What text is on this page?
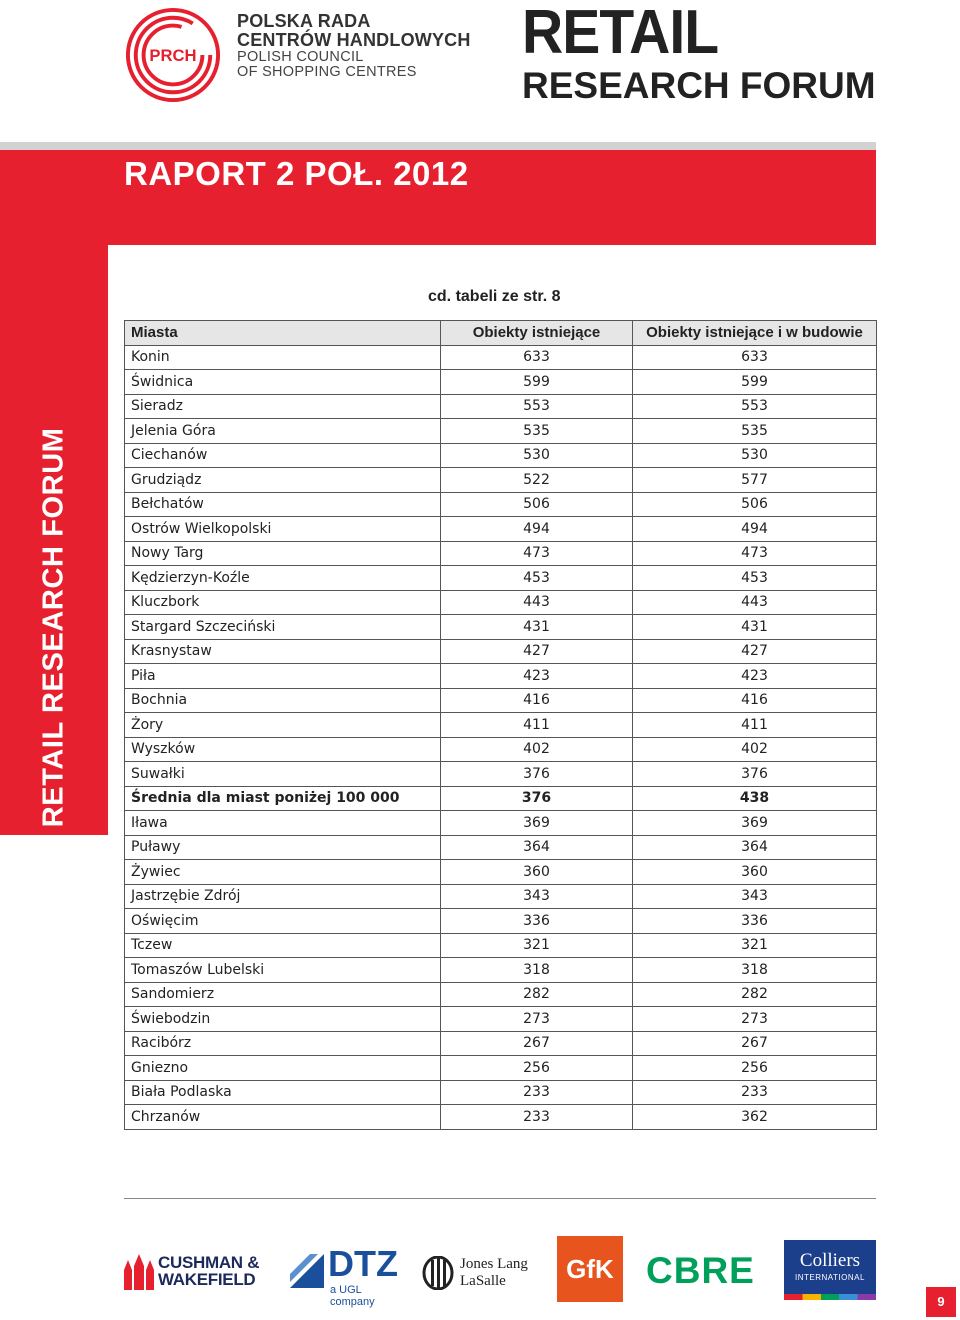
PRCH
POLSKA RADA
CENTRÓW HANDLOWYCH
POLISH COUNCIL
OF SHOPPING CENTRES
RETAIL
RESEARCH FORUM
RAPORT 2 POŁ. 2012
PRCH RETAIL RESEARCH FORUM
cd. tabeli ze str. 8
Miasta	Obiekty istniejące	Obiekty istniejące i w budowie
Konin	633	633
Świdnica	599	599
Sieradz	553	553
Jelenia Góra	535	535
Ciechanów	530	530
Grudziądz	522	577
Bełchatów	506	506
Ostrów Wielkopolski	494	494
Nowy Targ	473	473
Kędzierzyn-Koźle	453	453
Kluczbork	443	443
Stargard Szczeciński	431	431
Krasnystaw	427	427
Piła	423	423
Bochnia	416	416
Żory	411	411
Wyszków	402	402
Suwałki	376	376
Średnia dla miast poniżej 100 000	376	438
Iława	369	369
Puławy	364	364
Żywiec	360	360
Jastrzębie Zdrój	343	343
Oświęcim	336	336
Tczew	321	321
Tomaszów Lubelski	318	318
Sandomierz	282	282
Świebodzin	273	273
Racibórz	267	267
Gniezno	256	256
Biała Podlaska	233	233
Chrzanów	233	362
CUSHMAN &
WAKEFIELD DTZ
a UGL company
Jones Lang
LaSalle	GfK CBRE	Colliers
INTERNATIONAL
9
